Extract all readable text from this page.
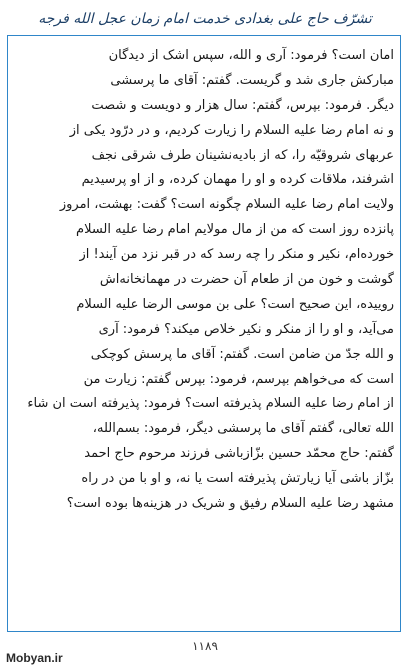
تشرّف حاج علی بغدادی خدمت امام زمان عجل الله فرجه
امان است؟ فرمود: آری و الله، سپس اشک از دیدگان
مبارکش جاری شد و گریست. گفتم: آقای ما پرسشی
دیگر. فرمود: بپرس، گفتم: سال هزار و دویست و شصت
و نه امام رضا عليه السلام را زیارت کردیم، و در درّود یکی از
عربهای شروقیّه را، که از بادیه‌نشینان طرف شرقی نجف
اشرفند، ملاقات کرده و او را مهمان کرده، و از او پرسیدیم
ولایت امام رضا عليه السلام چگونه است؟ گفت: بهشت، امروز
پانزده روز است که من از مال مولایم امام رضا عليه السلام
خورده‌ام، نکیر و منکر را چه رسد که در قبر نزد من آیند! از
گوشت و خون من از طعام آن حضرت در مهمانخانه‌اش
روییده، این صحیح است؟ علی بن موسی الرضا عليه السلام
می‌آید، و او را از منکر و نکیر خلاص میکند؟ فرمود: آری
و الله جدّ من ضامن است. گفتم: آقای ما پرسش کوچکی
است که می‌خواهم بپرسم، فرمود: بپرس گفتم: زیارت من
از امام رضا عليه السلام پذیرفته است؟ فرمود: پذیرفته است ان شاء
الله تعالی، گفتم آقای ما پرسشی دیگر، فرمود: بسم‌الله،
گفتم: حاج محمّد حسین بزّازباشی فرزند مرحوم حاج احمد
بزّاز باشی آیا زیارتش پذیرفته است یا نه، و او با من در راه
مشهد رضا عليه السلام رفیق و شریک در هزینه‌ها بوده است؟
۱۱۸۹
Mobyan.ir
